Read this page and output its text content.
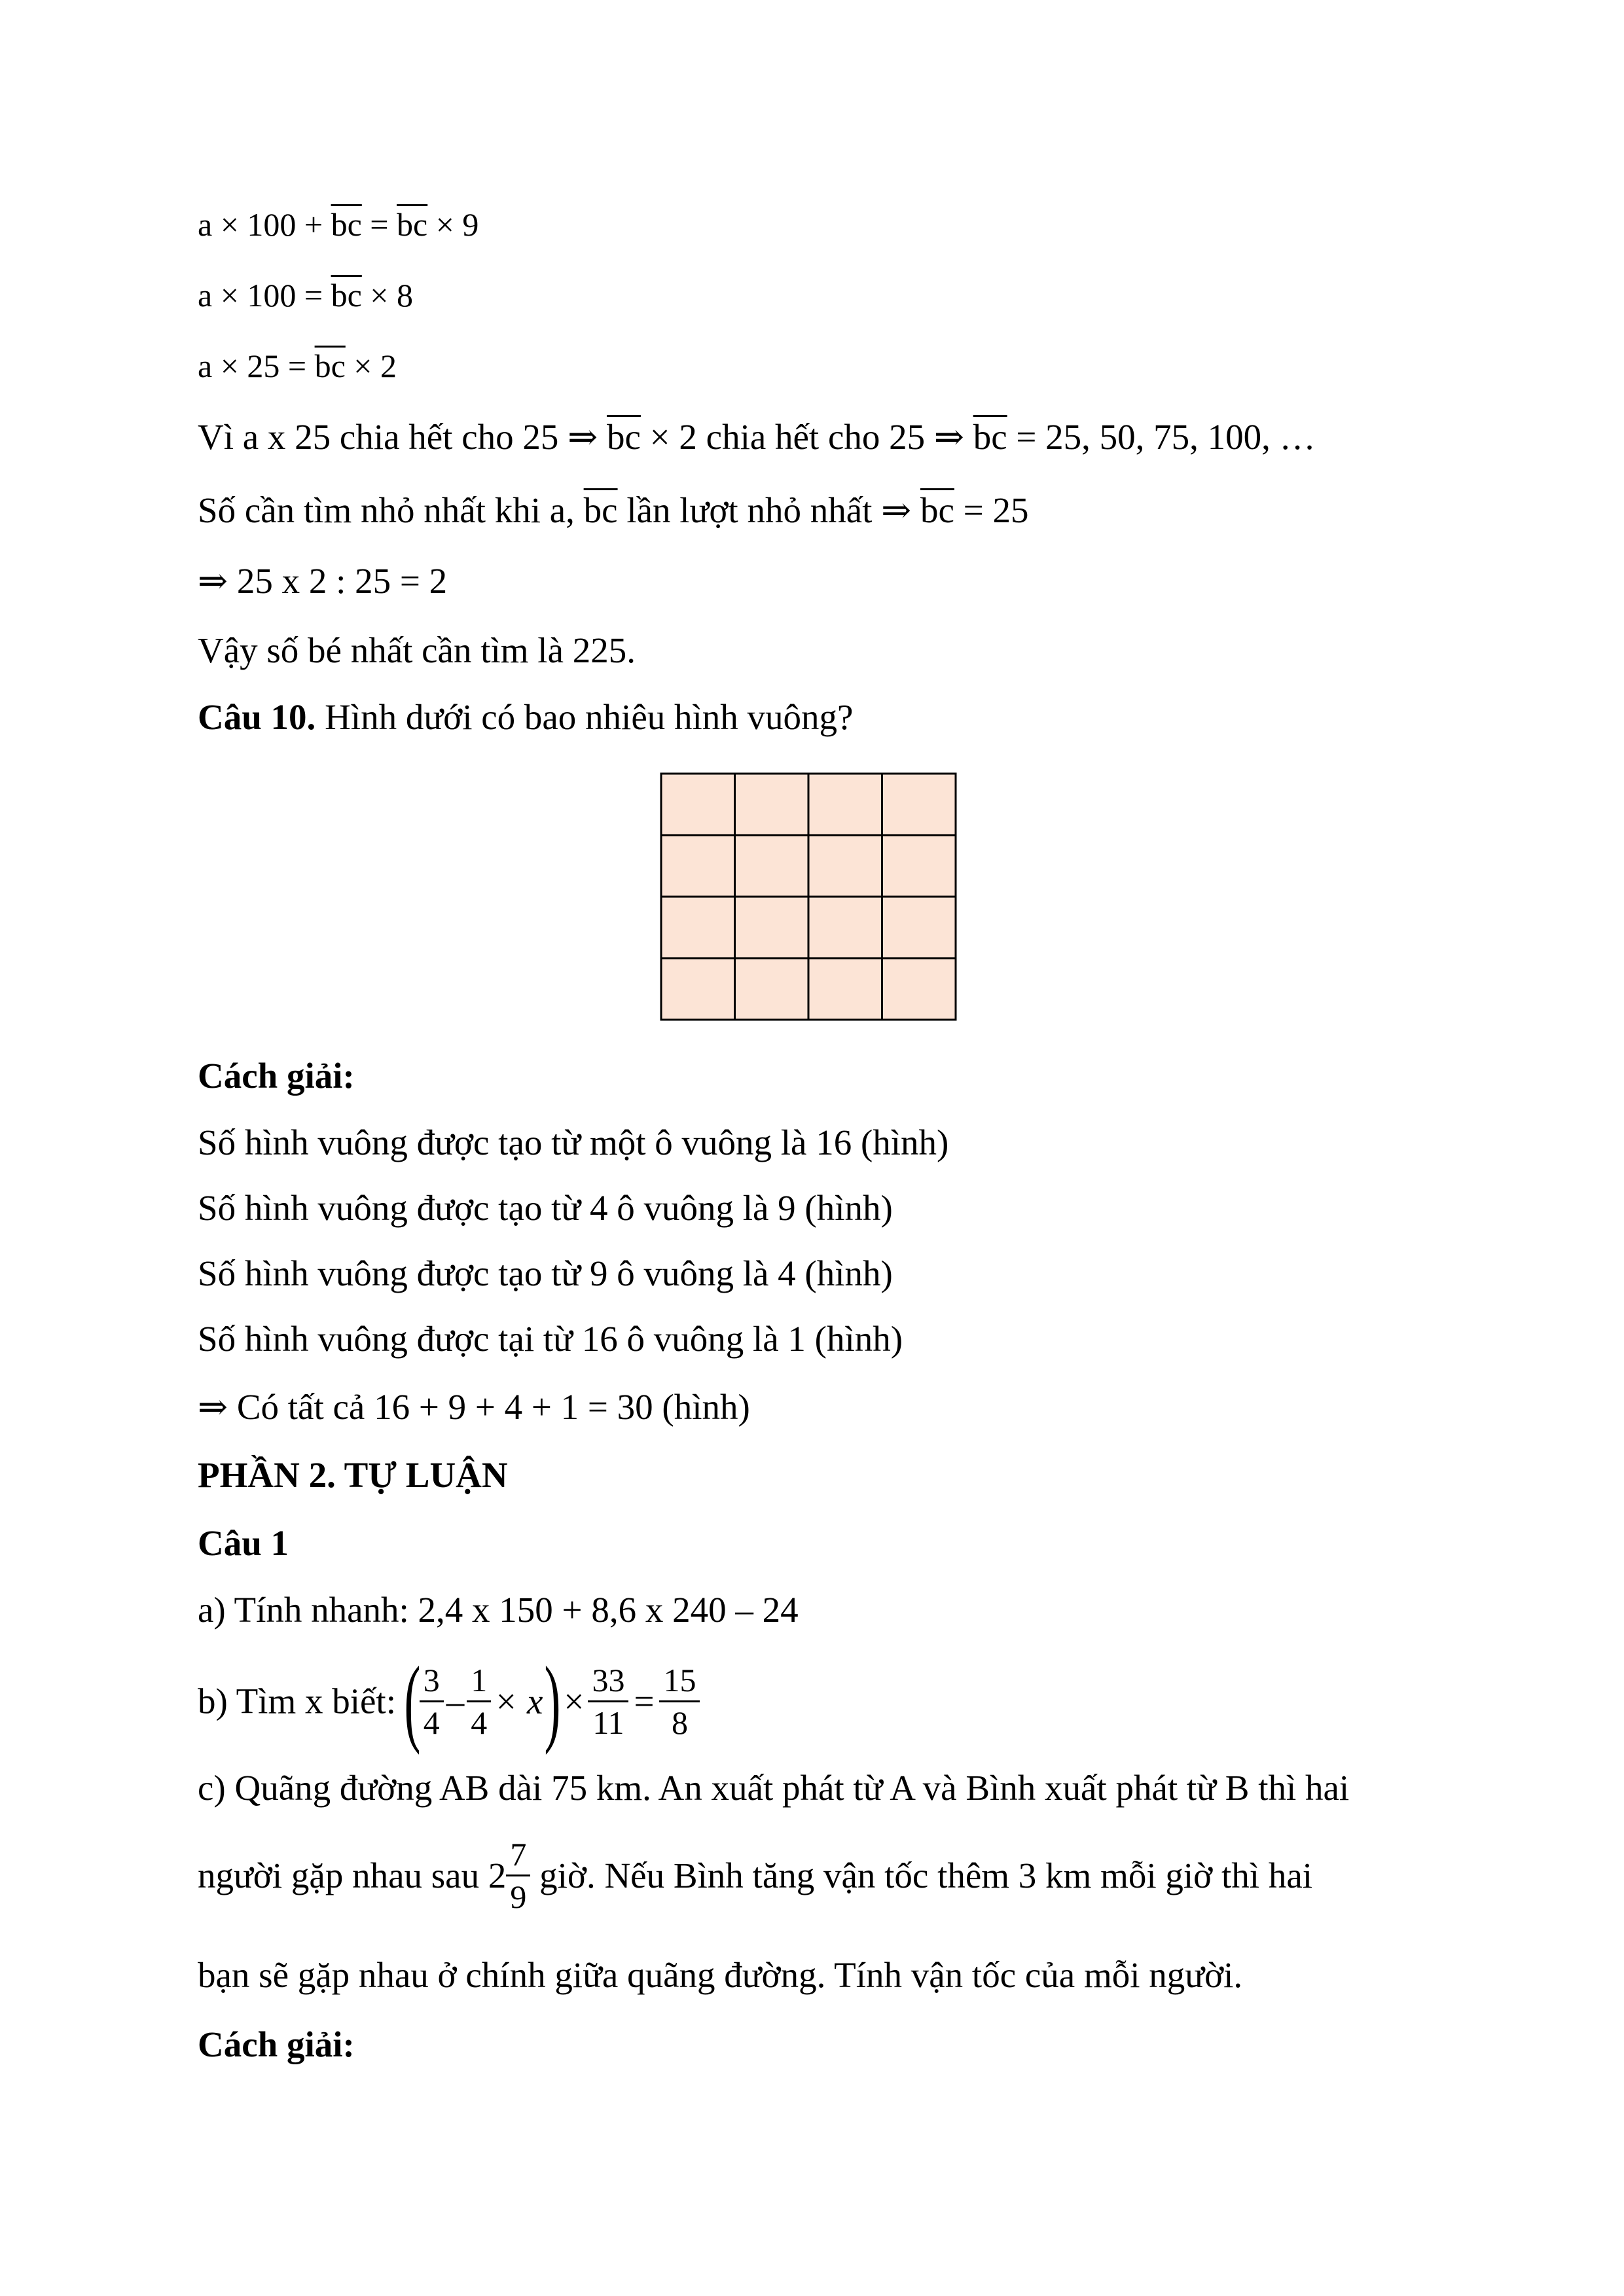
$a \times 100 + \overline{bc} = \overline{bc} \times 9$
$a \times 100 = \overline{bc} \times 8$
$a \times 25 = \overline{bc} \times 2$
Vì a x 25 chia hết cho 25 ⇒ $\overline{bc} \times 2$ chia hết cho 25 ⇒ $\overline{bc} = 25$, 50, 75, 100, …
Số cần tìm nhỏ nhất khi a, $\overline{bc}$ lần lượt nhỏ nhất ⇒ $\overline{bc} = 25$
⇒ 25 x 2 : 25 = 2
Vậy số bé nhất cần tìm là 225.
Câu 10. Hình dưới có bao nhiêu hình vuông?
Cách giải:
Số hình vuông được tạo từ một ô vuông là 16 (hình)
Số hình vuông được tạo từ 4 ô vuông là 9 (hình)
Số hình vuông được tạo từ 9 ô vuông là 4 (hình)
Số hình vuông được tại từ 16 ô vuông là 1 (hình)
⇒ Có tất cả 16 + 9 + 4 + 1 = 30 (hình)
PHẦN 2. TỰ LUẬN
Câu 1
a) Tính nhanh: 2,4 x 150 + 8,6 x 240 – 24
b) Tìm x biết: (
$\frac{3}{4} - \frac{1}{4} \times x)\times \frac{33}{11} = \frac{15}{8}$
c) Quãng đường AB dài 75 km. An xuất phát từ A và Bình xuất phát từ B thì hai
người gặp nhau sau $2 \frac{7}{9}$ giờ. Nếu Bình tăng vận tốc thêm 3 km mỗi giờ thì hai
bạn sẽ gặp nhau ở chính giữa quãng đường. Tính vận tốc của mỗi người.
Cách giải:
